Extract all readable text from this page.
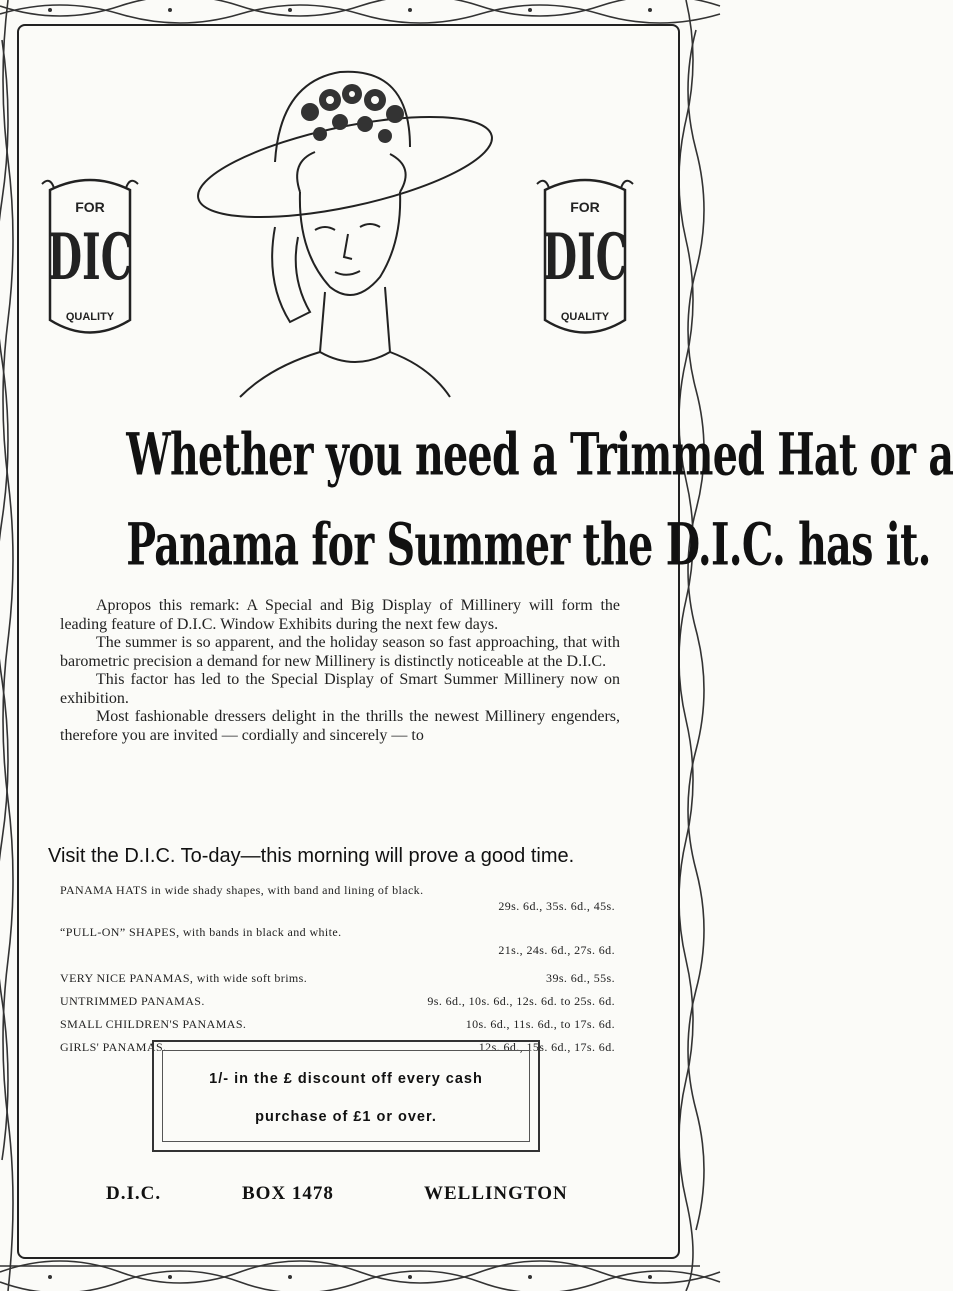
FOR
DIC
QUALITY
FOR
DIC
QUALITY
Whether you need a Trimmed Hat or a
Panama for Summer the D.I.C. has it.

Apropos this remark: A Special and Big Display of Millinery will form the leading feature of D.I.C. Window Exhibits during the next few days.

The summer is so apparent, and the holiday season so fast approaching, that with barometric precision a demand for new Millinery is distinctly noticeable at the D.I.C.

This factor has led to the Special Display of Smart Summer Millinery now on exhibition.

Most fashionable dressers delight in the thrills the newest Millinery engenders, therefore you are invited — cordially and sincerely — to

Visit the D.I.C. To-day—this morning will prove a good time.
PANAMA HATS in wide shady shapes, with band and lining of black.
29s. 6d., 35s. 6d., 45s.
“PULL-ON” SHAPES, with bands in black and white.
21s., 24s. 6d., 27s. 6d.
VERY NICE PANAMAS, with wide soft brims.	39s. 6d., 55s.
UNTRIMMED PANAMAS.	9s. 6d., 10s. 6d., 12s. 6d. to 25s. 6d.
SMALL CHILDREN'S PANAMAS.	10s. 6d., 11s. 6d., to 17s. 6d.
GIRLS' PANAMAS.	12s. 6d., 15s. 6d., 17s. 6d.
1/- in the £ discount off every cash
purchase of £1 or over.
D.I.C.	BOX 1478	WELLINGTON
